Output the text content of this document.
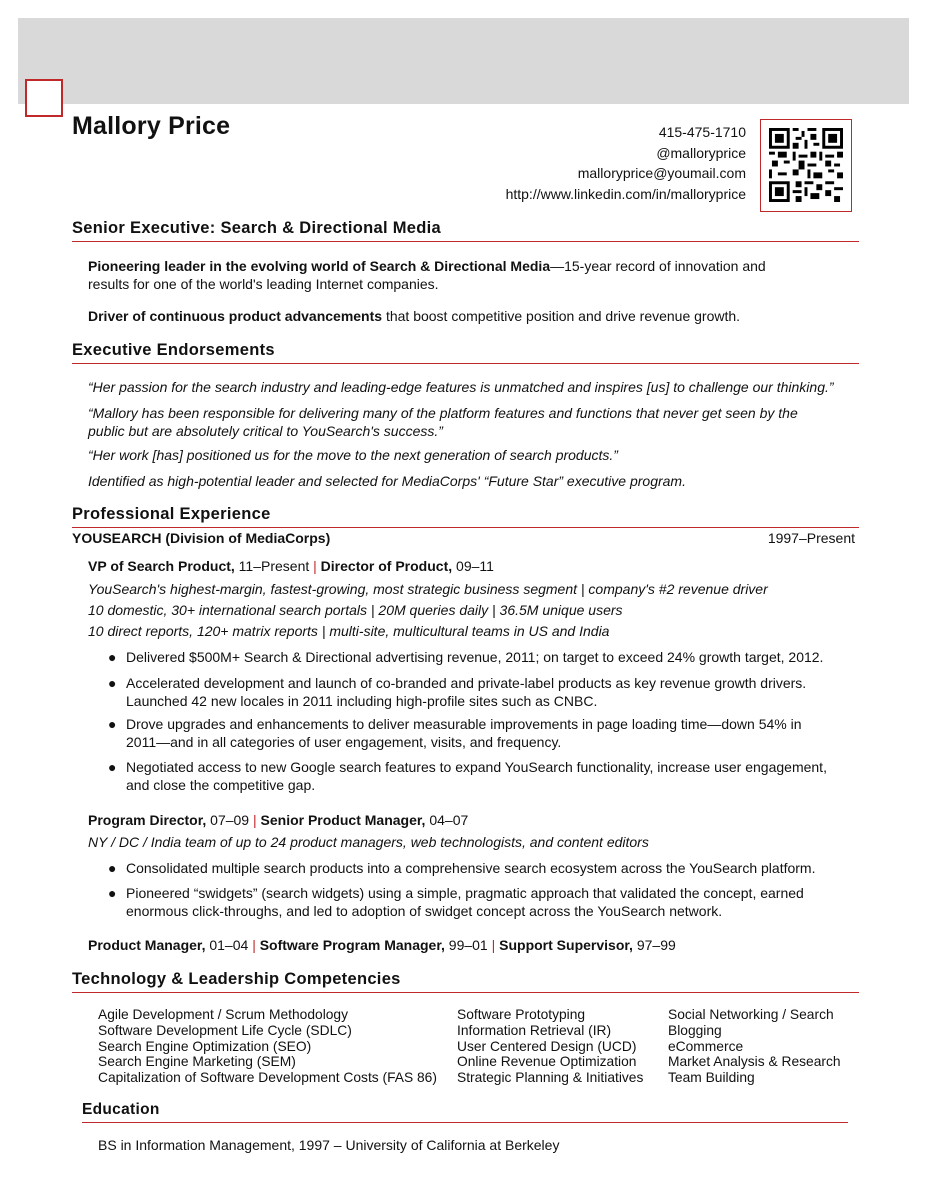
Mallory Price	415-475-1710
@malloryprice
malloryprice@youmail.com
http://www.linkedin.com/in/malloryprice
Senior Executive: Search & Directional Media
Pioneering leader in the evolving world of Search & Directional Media—15-year record of innovation and
results for one of the world's leading Internet companies.
Driver of continuous product advancements that boost competitive position and drive revenue growth.
Executive Endorsements
“Her passion for the search industry and leading-edge features is unmatched and inspires [us] to challenge our thinking.”
“Mallory has been responsible for delivering many of the platform features and functions that never get seen by the
public but are absolutely critical to YouSearch's success.”
“Her work [has] positioned us for the move to the next generation of search products.”
Identified as high-potential leader and selected for MediaCorps' “Future Star” executive program.
Professional Experience
YOUSEARCH (Division of MediaCorps)	1997–Present
VP of Search Product, 11–Present | Director of Product, 09–11
YouSearch's highest-margin, fastest-growing, most strategic business segment | company's #2 revenue driver
10 domestic, 30+ international search portals | 20M queries daily | 36.5M unique users
10 direct reports, 120+ matrix reports | multi-site, multicultural teams in US and India
● Delivered $500M+ Search & Directional advertising revenue, 2011; on target to exceed 24% growth target, 2012.
● Accelerated development and launch of co-branded and private-label products as key revenue growth drivers.
Launched 42 new locales in 2011 including high-profile sites such as CNBC.
● Drove upgrades and enhancements to deliver measurable improvements in page loading time—down 54% in
2011—and in all categories of user engagement, visits, and frequency.
● Negotiated access to new Google search features to expand YouSearch functionality, increase user engagement,
and close the competitive gap.
Program Director, 07–09 | Senior Product Manager, 04–07
NY / DC / India team of up to 24 product managers, web technologists, and content editors
● Consolidated multiple search products into a comprehensive search ecosystem across the YouSearch platform.
● Pioneered “swidgets” (search widgets) using a simple, pragmatic approach that validated the concept, earned
enormous click-throughs, and led to adoption of swidget concept across the YouSearch network.
Product Manager, 01–04 | Software Program Manager, 99–01 | Support Supervisor, 97–99
Technology & Leadership Competencies
Agile Development / Scrum Methodology
Software Development Life Cycle (SDLC)
Search Engine Optimization (SEO)
Search Engine Marketing (SEM)
Capitalization of Software Development Costs (FAS 86)
Software Prototyping
Information Retrieval (IR)
User Centered Design (UCD)
Online Revenue Optimization
Strategic Planning & Initiatives
Social Networking / Search
Blogging
eCommerce
Market Analysis & Research
Team Building
Education
BS in Information Management, 1997 – University of California at Berkeley
